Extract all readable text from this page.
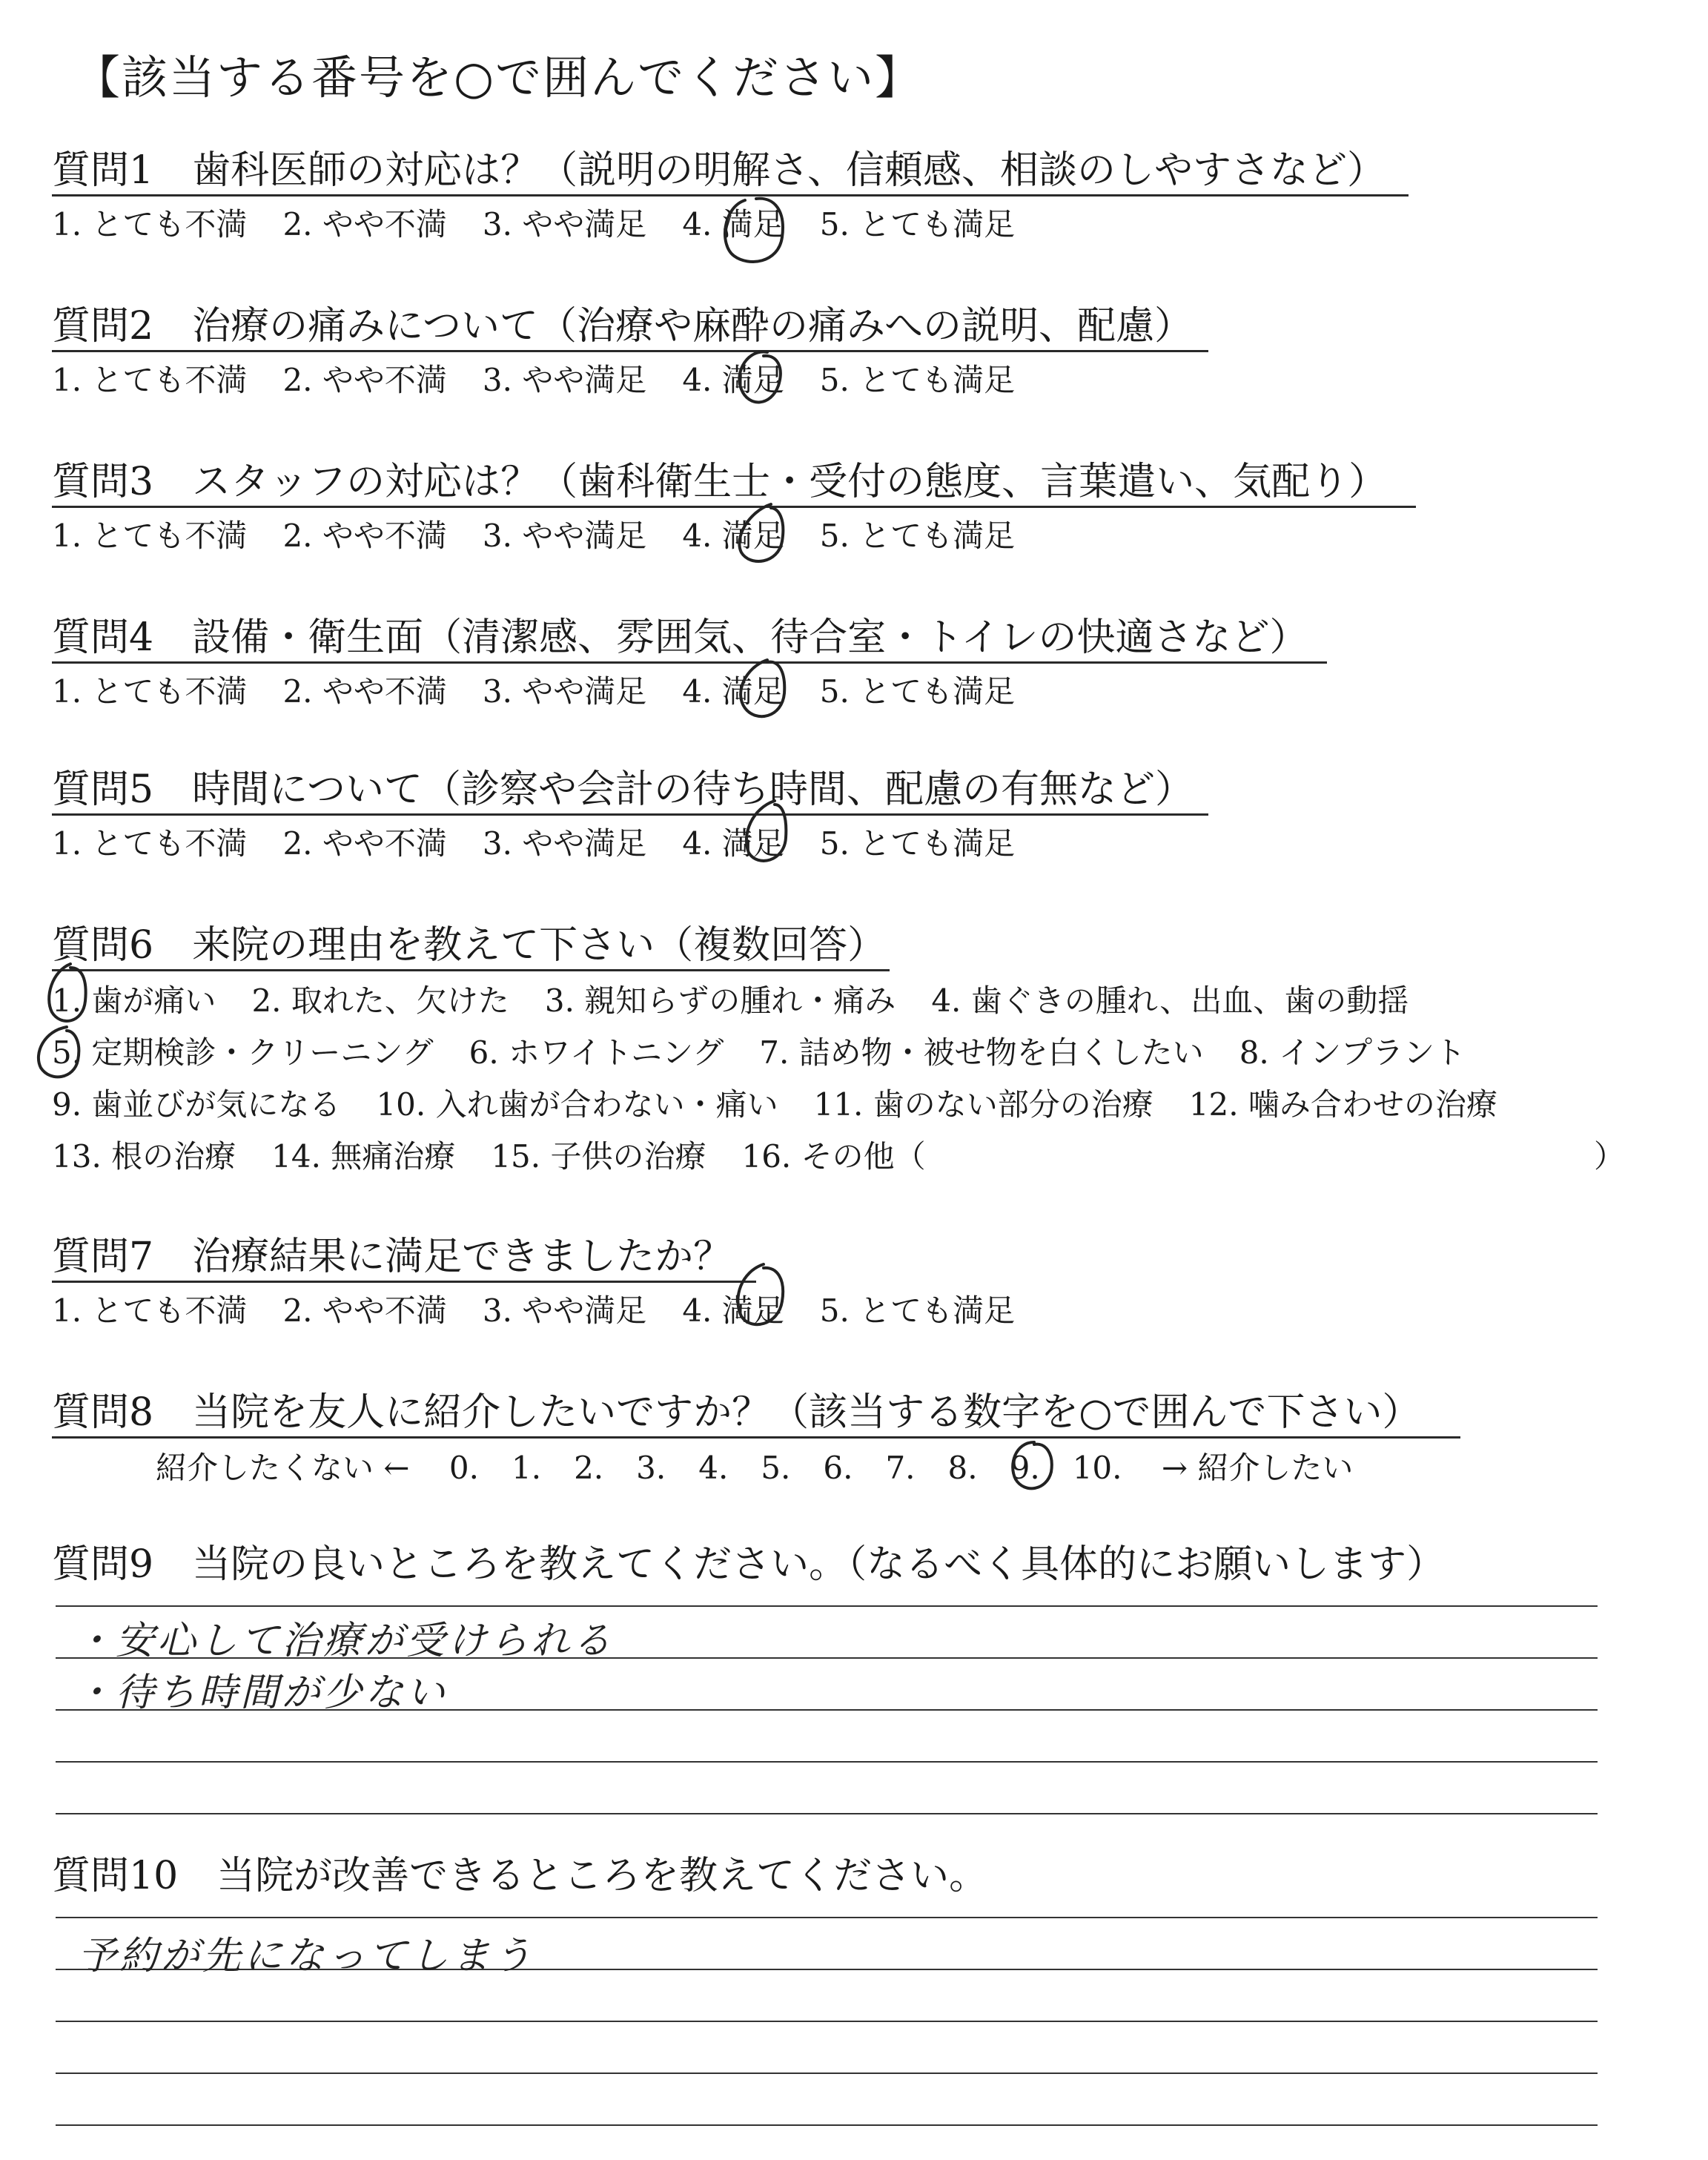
【該当する番号を○で囲んでください】
質問1　歯科医師の対応は？（説明の明解さ、信頼感、相談のしやすさなど）
1. とても不満 2. やや不満 3. やや満足 4. 満足 5. とても満足
質問2　治療の痛みについて（治療や麻酔の痛みへの説明、配慮）
1. とても不満 2. やや不満 3. やや満足 4. 満足 5. とても満足
質問3　スタッフの対応は？（歯科衛生士・受付の態度、言葉遣い、気配り）
1. とても不満 2. やや不満 3. やや満足 4. 満足 5. とても満足
質問4　設備・衛生面（清潔感、雰囲気、待合室・トイレの快適さなど）
1. とても不満 2. やや不満 3. やや満足 4. 満足 5. とても満足
質問5　時間について（診察や会計の待ち時間、配慮の有無など）
1. とても不満 2. やや不満 3. やや満足 4. 満足 5. とても満足
質問6　来院の理由を教えて下さい（複数回答）
1. 歯が痛い 2. 取れた、欠けた 3. 親知らずの腫れ・痛み 4. 歯ぐきの腫れ、出血、歯の動揺
5. 定期検診・クリーニング 6. ホワイトニング 7. 詰め物・被せ物を白くしたい 8. インプラント
9. 歯並びが気になる 10. 入れ歯が合わない・痛い 11. 歯のない部分の治療 12. 噛み合わせの治療
13. 根の治療 14. 無痛治療 15. 子供の治療 16. その他（	）
質問7　治療結果に満足できましたか？
1. とても不満 2. やや不満 3. やや満足 4. 満足 5. とても満足
質問8　当院を友人に紹介したいですか？（該当する数字を○で囲んで下さい）
紹介したくない ← 0. 1. 2. 3. 4. 5. 6. 7. 8. 9. 10. → 紹介したい
質問9　当院の良いところを教えてください。（なるべく具体的にお願いします）
・安心して治療が受けられる
・待ち時間が少ない
質問10　当院が改善できるところを教えてください。
予約が先になってしまう
